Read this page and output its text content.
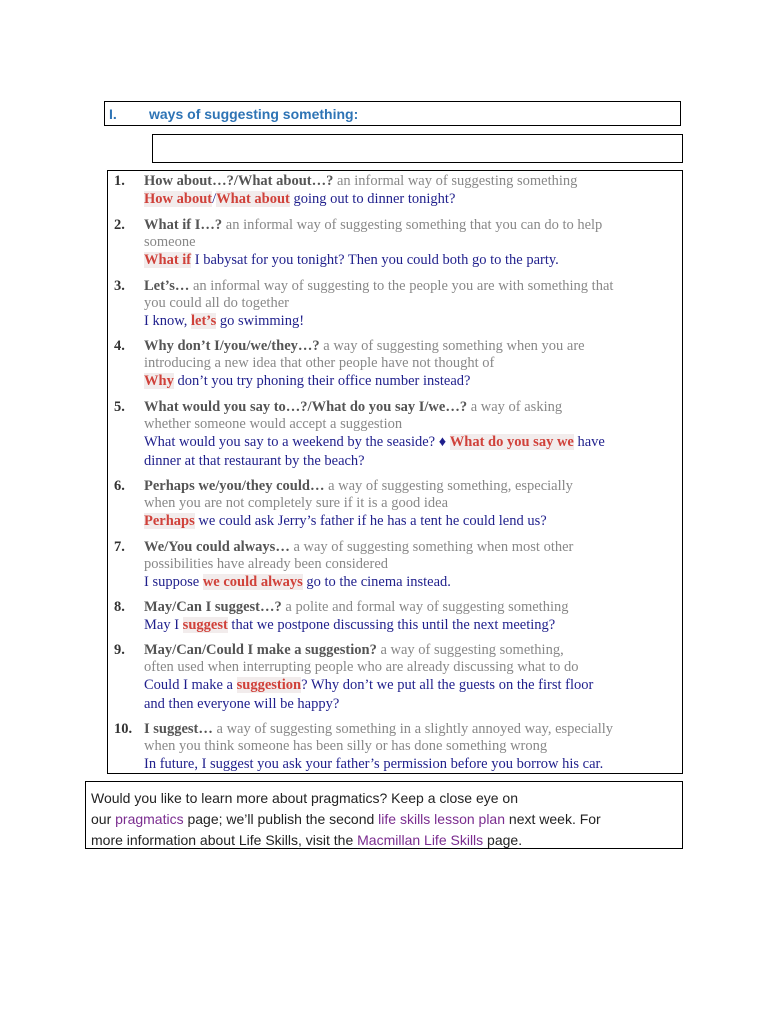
I. ways of suggesting something:
1. How about…?/What about…? an informal way of suggesting something
How about/What about going out to dinner tonight?
2. What if I…? an informal way of suggesting something that you can do to help
someone
What if I babysat for you tonight? Then you could both go to the party.
3. Let’s… an informal way of suggesting to the people you are with something that
you could all do together
I know, let’s go swimming!
4. Why don’t I/you/we/they…? a way of suggesting something when you are
introducing a new idea that other people have not thought of
Why don’t you try phoning their office number instead?
5. What would you say to…?/What do you say I/we…? a way of asking
whether someone would accept a suggestion
What would you say to a weekend by the seaside? ♦ What do you say we have
dinner at that restaurant by the beach?
6. Perhaps we/you/they could… a way of suggesting something, especially
when you are not completely sure if it is a good idea
Perhaps we could ask Jerry’s father if he has a tent he could lend us?
7. We/You could always… a way of suggesting something when most other
possibilities have already been considered
I suppose we could always go to the cinema instead.
8. May/Can I suggest…? a polite and formal way of suggesting something
May I suggest that we postpone discussing this until the next meeting?
9. May/Can/Could I make a suggestion? a way of suggesting something,
often used when interrupting people who are already discussing what to do
Could I make a suggestion? Why don’t we put all the guests on the first floor
and then everyone will be happy?
10. I suggest… a way of suggesting something in a slightly annoyed way, especially
when you think someone has been silly or has done something wrong
In future, I suggest you ask your father’s permission before you borrow his car.
Would you like to learn more about pragmatics? Keep a close eye on
our pragmatics page; we’ll publish the second life skills lesson plan next week. For
more information about Life Skills, visit the Macmillan Life Skills page.
